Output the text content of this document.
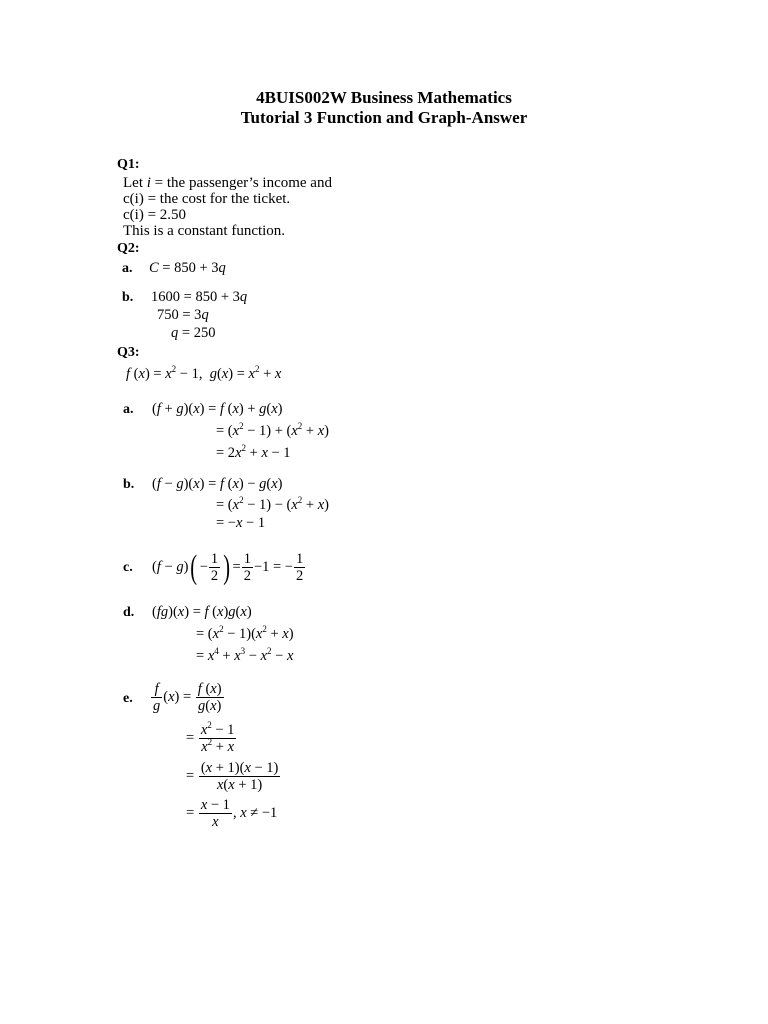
4BUIS002W Business Mathematics
Tutorial 3 Function and Graph-Answer
Q1:
Let i = the passenger’s income and
c(i) = the cost for the ticket.
c(i) = 2.50
This is a constant function.
Q2:
a. C = 850 + 3q
b. 1600 = 850 + 3q
750 = 3q
q = 250
Q3:
f $(x) = x^2 - 1$,  $g(x) = x^2 + x$
a. (f + g)(x) = f (x) + g(x)
= $(x^2 - 1) + (x^2 + x)$
= $2x^2 + x - 1$
b. (f − g)(x) = f (x) − g(x)
= $(x^2 - 1) - (x^2 + x)$
= −x − 1
c. $(f - g)( - \frac{1}{2}$ ) = $\frac{1}{2} -1$ = − $\frac{1}{2}$
d. (fg)(x) = f (x)g(x)
= $(x^2 - 1)(x^2 + x)$
= $x^4 + x^3 - x^2 - x$
e. $\frac{f}{g} (x) = \frac{f (x)}{g(x)}$
= $\frac{x^2 - 1}{x^2 + x}$
= $\frac{(x + 1)(x - 1)}{x(x + 1)}$
= $\frac{x - 1}{x}$ , x ≠ −1
